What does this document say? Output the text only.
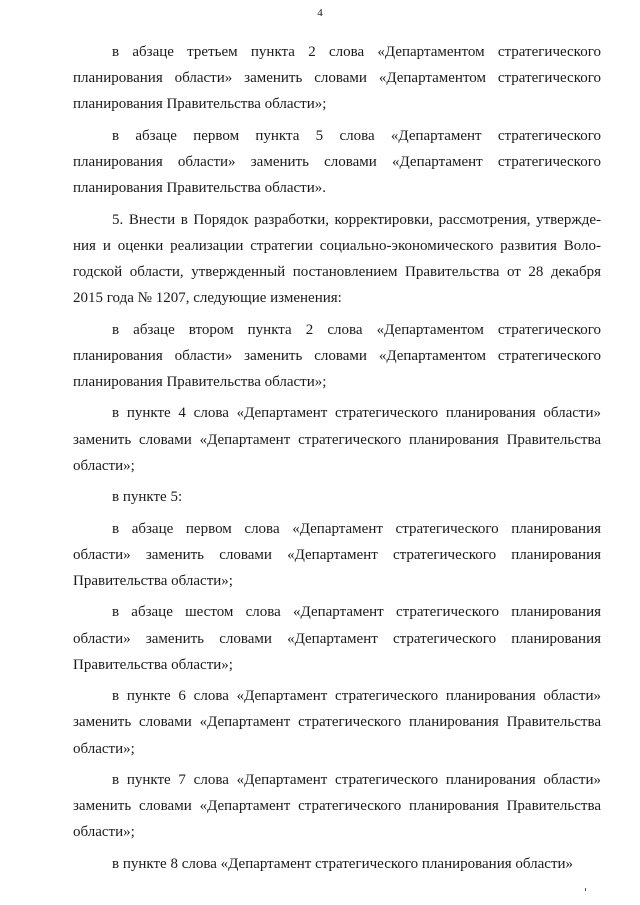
4

в абзаце третьем пункта 2 слова «Департаментом стратегического планирования области» заменить словами «Департаментом стратегического планирования Правительства области»;

в абзаце первом пункта 5 слова «Департамент стратегического планирования области» заменить словами «Департамент стратегического планирования Правительства области».

5. Внести в Порядок разработки, корректировки, рассмотрения, утверждения и оценки реализации стратегии социально-экономического развития Вологодской области, утвержденный постановлением Правительства от 28 декабря 2015 года № 1207, следующие изменения:

в абзаце втором пункта 2 слова «Департаментом стратегического планирования области» заменить словами «Департаментом стратегического планирования Правительства области»;

в пункте 4 слова «Департамент стратегического планирования области» заменить словами «Департамент стратегического планирования Правительства области»;

в пункте 5:

в абзаце первом слова «Департамент стратегического планирования области» заменить словами «Департамент стратегического планирования Правительства области»;

в абзаце шестом слова «Департамент стратегического планирования области» заменить словами «Департамент стратегического планирования Правительства области»;

в пункте 6 слова «Департамент стратегического планирования области» заменить словами «Департамент стратегического планирования Правительства области»;

в пункте 7 слова «Департамент стратегического планирования области» заменить словами «Департамент стратегического планирования Правительства области»;

в пункте 8 слова «Департамент стратегического планирования области»
